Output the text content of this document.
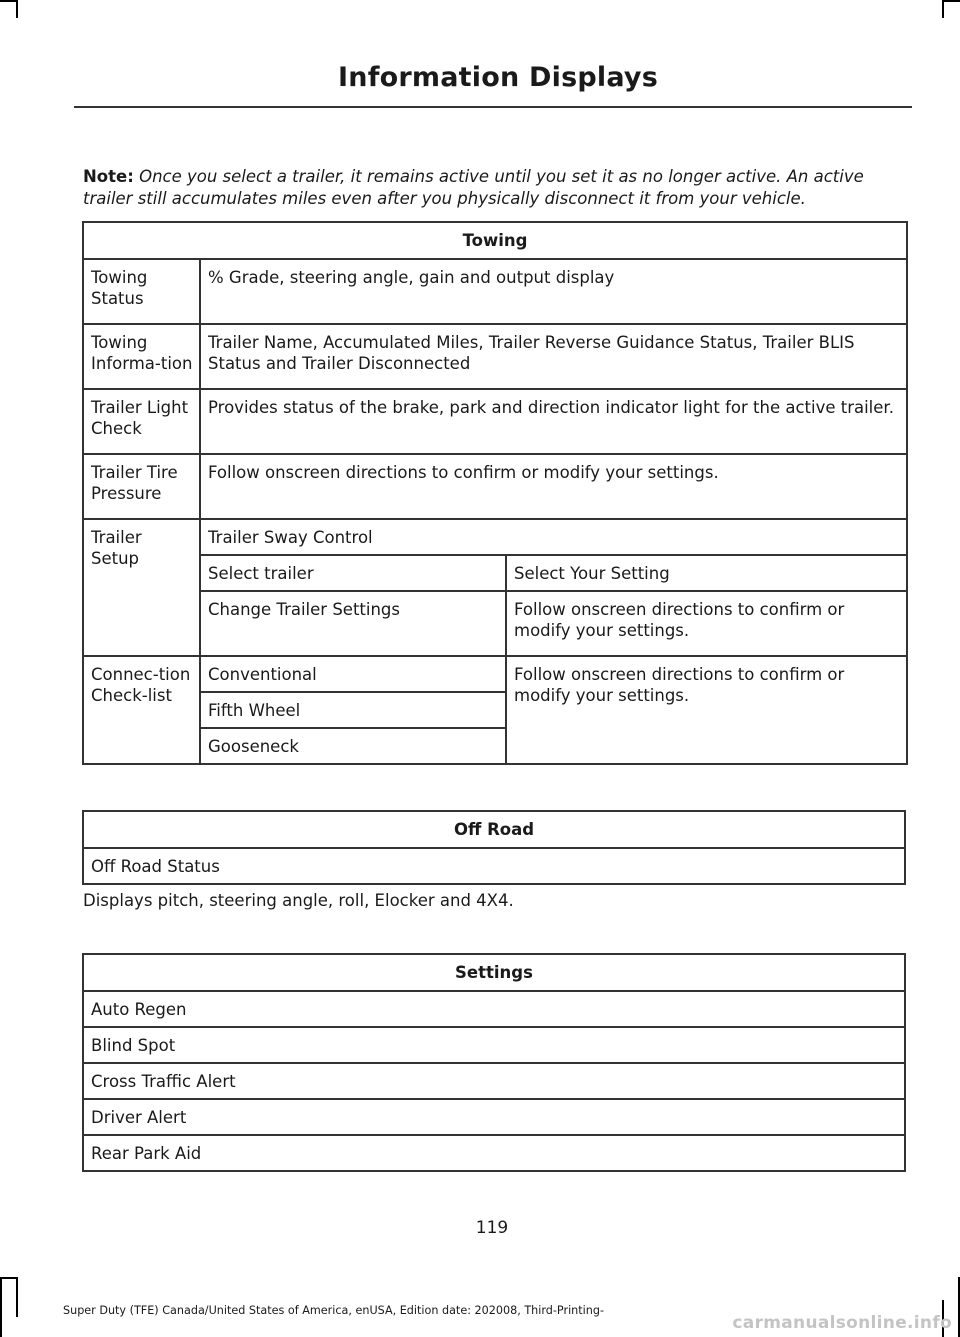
Information Displays
Note: Once you select a trailer, it remains active until you set it as no longer active. An active trailer still accumulates miles even after you physically disconnect it from your vehicle.
Towing		
Towing Status	% Grade, steering angle, gain and output display	
Towing Informa-tion	Trailer Name, Accumulated Miles, Trailer Reverse Guidance Status, Trailer BLIS Status and Trailer Disconnected	
Trailer Light Check	Provides status of the brake, park and direction indicator light for the active trailer.	
Trailer Tire Pressure	Follow onscreen directions to confirm or modify your settings.	
Trailer Setup	Trailer Sway Control	
	Select trailer	Select Your Setting
	Change Trailer Settings	Follow onscreen directions to confirm or modify your settings.
Connec-tion Check-list	Conventional	Follow onscreen directions to confirm or modify your settings.
	Fifth Wheel	
	Gooseneck	
Off Road
Off Road Status
Displays pitch, steering angle, roll, Elocker and 4X4.
Settings
Auto Regen
Blind Spot
Cross Traffic Alert
Driver Alert
Rear Park Aid
119
Super Duty (TFE) Canada/United States of America, enUSA, Edition date: 202008, Third-Printing-
carmanualsonline.info
